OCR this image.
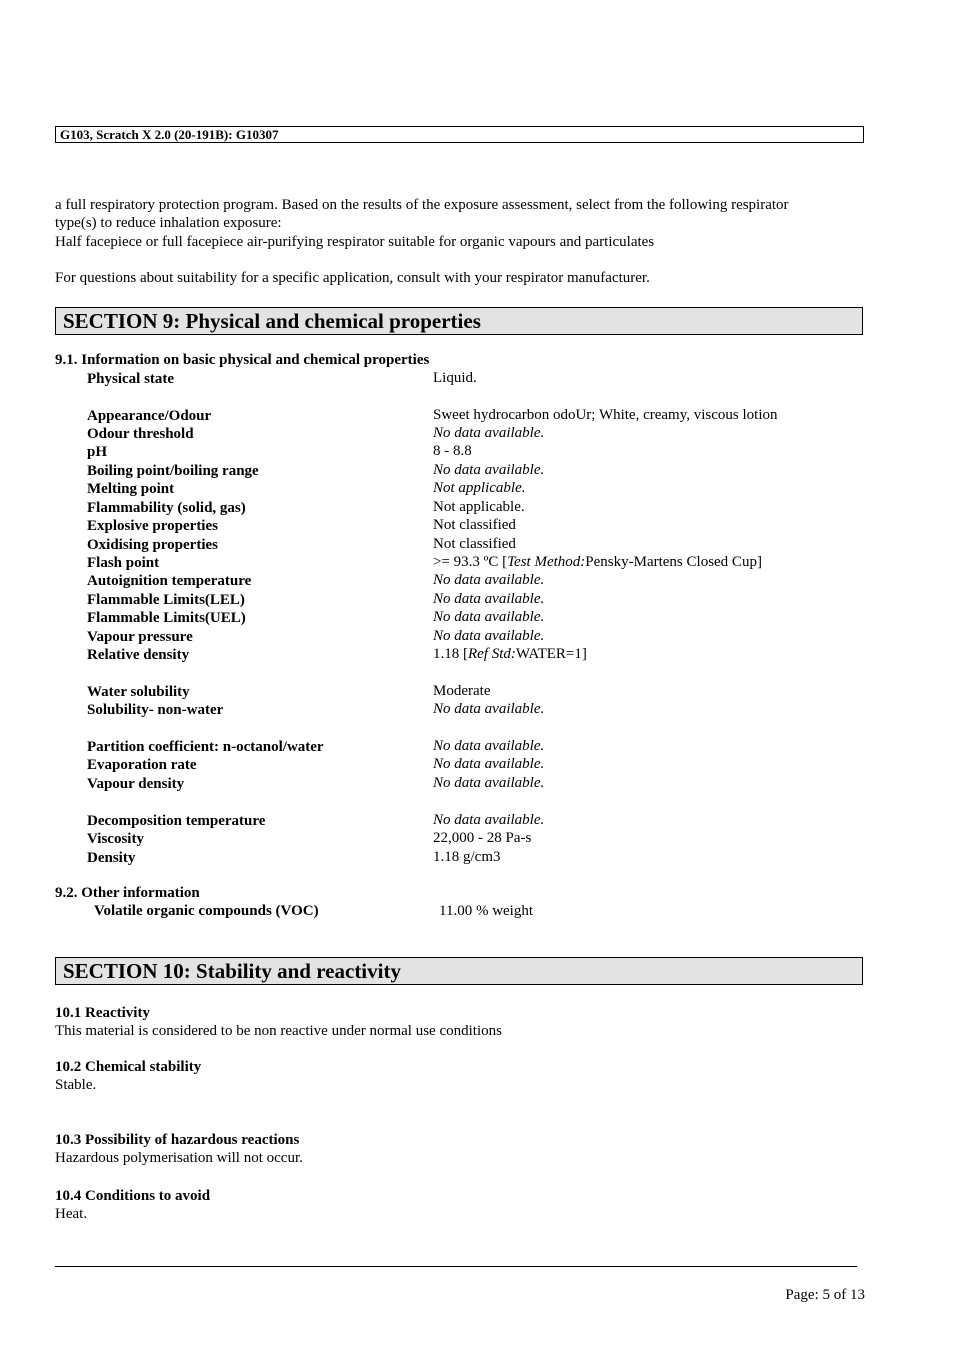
G103, Scratch X 2.0 (20-191B): G10307
a full respiratory protection program. Based on the results of the exposure assessment, select from the following respirator
type(s) to reduce inhalation exposure:
Half facepiece or full facepiece air-purifying respirator suitable for organic vapours and particulates
For questions about suitability for a specific application, consult with your respirator manufacturer.
SECTION 9: Physical and chemical properties
9.1. Information on basic physical and chemical properties
Physical state	Liquid.
Appearance/Odour	Sweet hydrocarbon odoUr; White, creamy, viscous lotion
Odour threshold	No data available.
pH	8 - 8.8
Boiling point/boiling range	No data available.
Melting point	Not applicable.
Flammability (solid, gas)	Not applicable.
Explosive properties	Not classified
Oxidising properties	Not classified
Flash point	>= 93.3 ºC [Test Method:Pensky-Martens Closed Cup]
Autoignition temperature	No data available.
Flammable Limits(LEL)	No data available.
Flammable Limits(UEL)	No data available.
Vapour pressure	No data available.
Relative density	1.18 [Ref Std:WATER=1]
Water solubility	Moderate
Solubility- non-water	No data available.
Partition coefficient: n-octanol/water	No data available.
Evaporation rate	No data available.
Vapour density	No data available.
Decomposition temperature	No data available.
Viscosity	22,000 - 28 Pa-s
Density	1.18 g/cm3
9.2. Other information
Volatile organic compounds (VOC)	11.00 % weight
SECTION 10: Stability and reactivity
10.1 Reactivity
This material is considered to be non reactive under normal use conditions
10.2 Chemical stability
Stable.
10.3 Possibility of hazardous reactions
Hazardous polymerisation will not occur.
10.4 Conditions to avoid
Heat.
Page: 5 of 13
